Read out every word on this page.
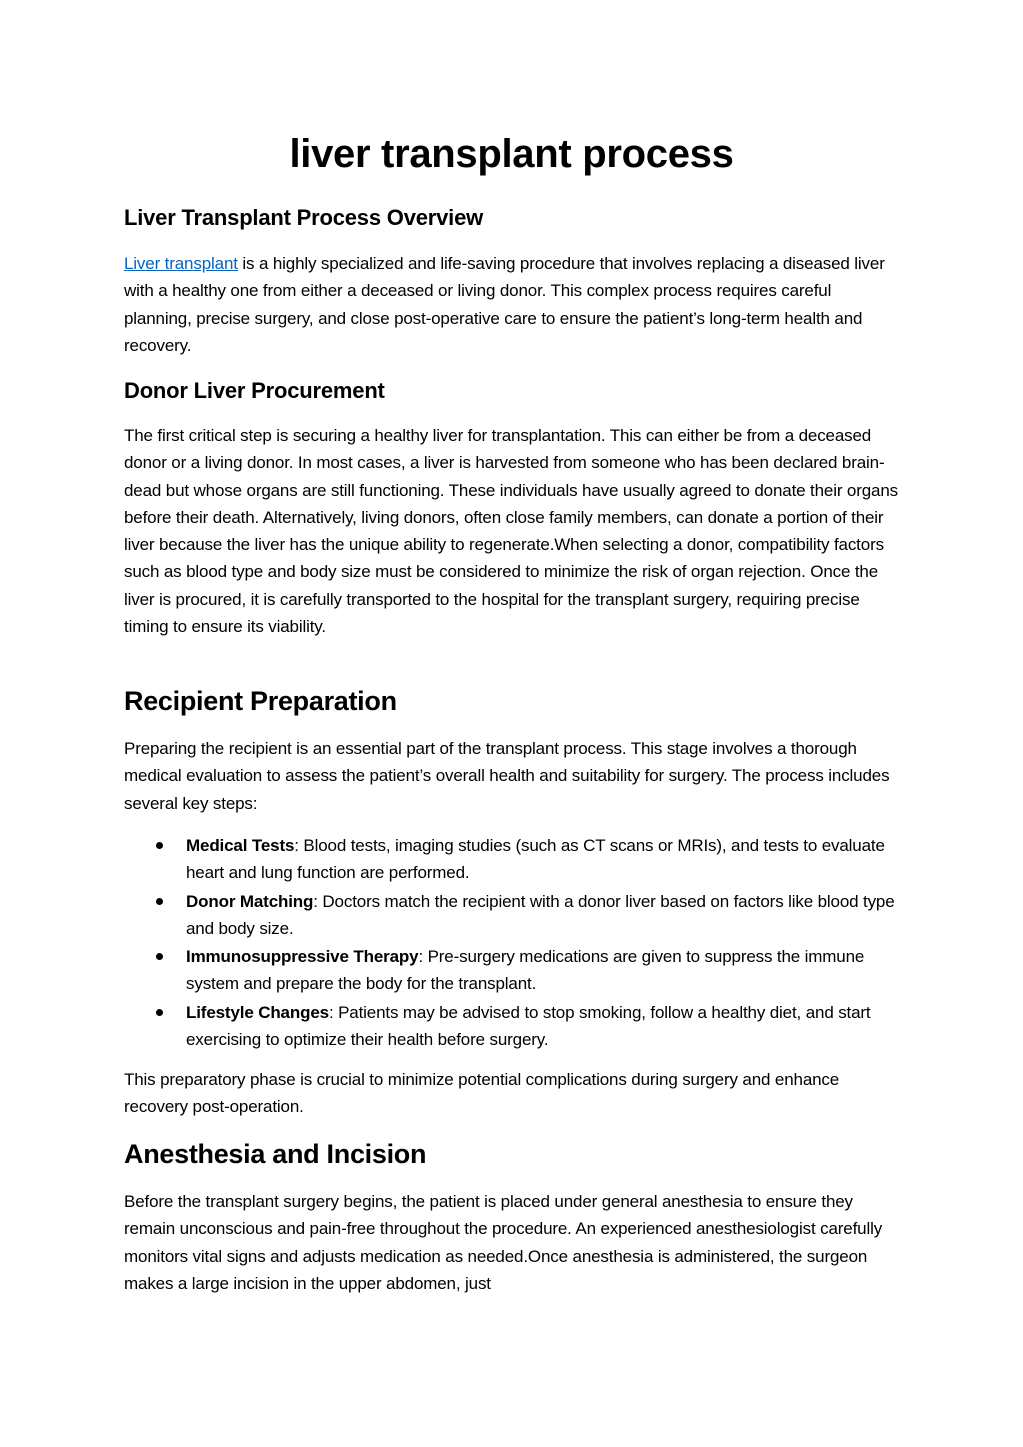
liver transplant process
Liver Transplant Process Overview

Liver transplant is a highly specialized and life-saving procedure that involves replacing a diseased liver with a healthy one from either a deceased or living donor. This complex process requires careful planning, precise surgery, and close post-operative care to ensure the patient’s long-term health and recovery.

Donor Liver Procurement

The first critical step is securing a healthy liver for transplantation. This can either be from a deceased donor or a living donor. In most cases, a liver is harvested from someone who has been declared brain-dead but whose organs are still functioning. These individuals have usually agreed to donate their organs before their death. Alternatively, living donors, often close family members, can donate a portion of their liver because the liver has the unique ability to regenerate.When selecting a donor, compatibility factors such as blood type and body size must be considered to minimize the risk of organ rejection. Once the liver is procured, it is carefully transported to the hospital for the transplant surgery, requiring precise timing to ensure its viability.

Recipient Preparation

Preparing the recipient is an essential part of the transplant process. This stage involves a thorough medical evaluation to assess the patient’s overall health and suitability for surgery. The process includes several key steps:

Medical Tests: Blood tests, imaging studies (such as CT scans or MRIs), and tests to evaluate heart and lung function are performed.
Donor Matching: Doctors match the recipient with a donor liver based on factors like blood type and body size.
Immunosuppressive Therapy: Pre-surgery medications are given to suppress the immune system and prepare the body for the transplant.
Lifestyle Changes: Patients may be advised to stop smoking, follow a healthy diet, and start exercising to optimize their health before surgery.

This preparatory phase is crucial to minimize potential complications during surgery and enhance recovery post-operation.

Anesthesia and Incision

Before the transplant surgery begins, the patient is placed under general anesthesia to ensure they remain unconscious and pain-free throughout the procedure. An experienced anesthesiologist carefully monitors vital signs and adjusts medication as needed.Once anesthesia is administered, the surgeon makes a large incision in the upper abdomen, just
